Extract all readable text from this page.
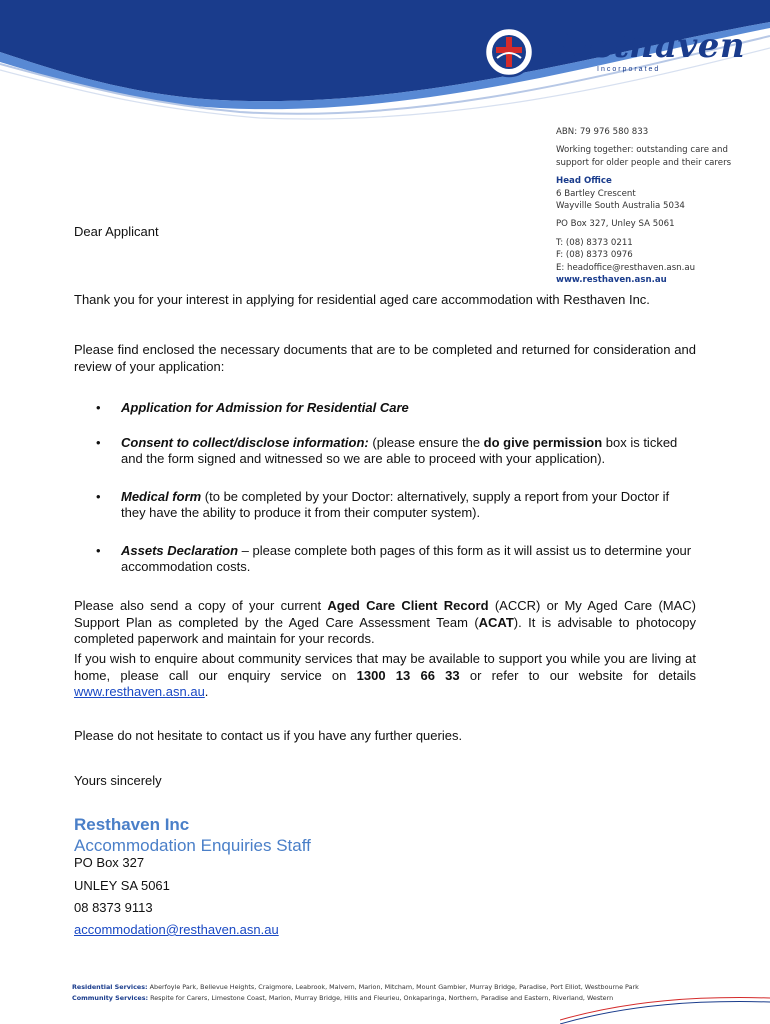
Resthaven
Incorporated
ABN: 79 976 580 833
Working together: outstanding care and
support for older people and their carers
Head Office
6 Bartley Crescent
Wayville South Australia 5034
PO Box 327, Unley SA 5061
T: (08) 8373 0211
F: (08) 8373 0976
E: headoffice@resthaven.asn.au
www.resthaven.asn.au
Dear Applicant
Thank you for your interest in applying for residential aged care accommodation with Resthaven Inc.
Please find enclosed the necessary documents that are to be completed and returned for consideration and review of your application:
• Application for Admission for Residential Care
• Consent to collect/disclose information: (please ensure the do give permission box is ticked and the form signed and witnessed so we are able to proceed with your application).
• Medical form (to be completed by your Doctor: alternatively, supply a report from your Doctor if they have the ability to produce it from their computer system).
• Assets Declaration – please complete both pages of this form as it will assist us to determine your accommodation costs.
Please also send a copy of your current Aged Care Client Record (ACCR) or My Aged Care (MAC) Support Plan as completed by the Aged Care Assessment Team (ACAT). It is advisable to photocopy completed paperwork and maintain for your records.
If you wish to enquire about community services that may be available to support you while you are living at home, please call our enquiry service on 1300 13 66 33 or refer to our website for details www.resthaven.asn.au.
Please do not hesitate to contact us if you have any further queries.
Yours sincerely
Resthaven Inc
Accommodation Enquiries Staff
PO Box 327
UNLEY SA 5061
08 8373 9113
accommodation@resthaven.asn.au
Residential Services: Aberfoyle Park, Bellevue Heights, Craigmore, Leabrook, Malvern, Marion, Mitcham, Mount Gambier, Murray Bridge, Paradise, Port Elliot, Westbourne Park
Community Services: Respite for Carers, Limestone Coast, Marion, Murray Bridge, Hills and Fleurieu, Onkaparinga, Northern, Paradise and Eastern, Riverland, Western
